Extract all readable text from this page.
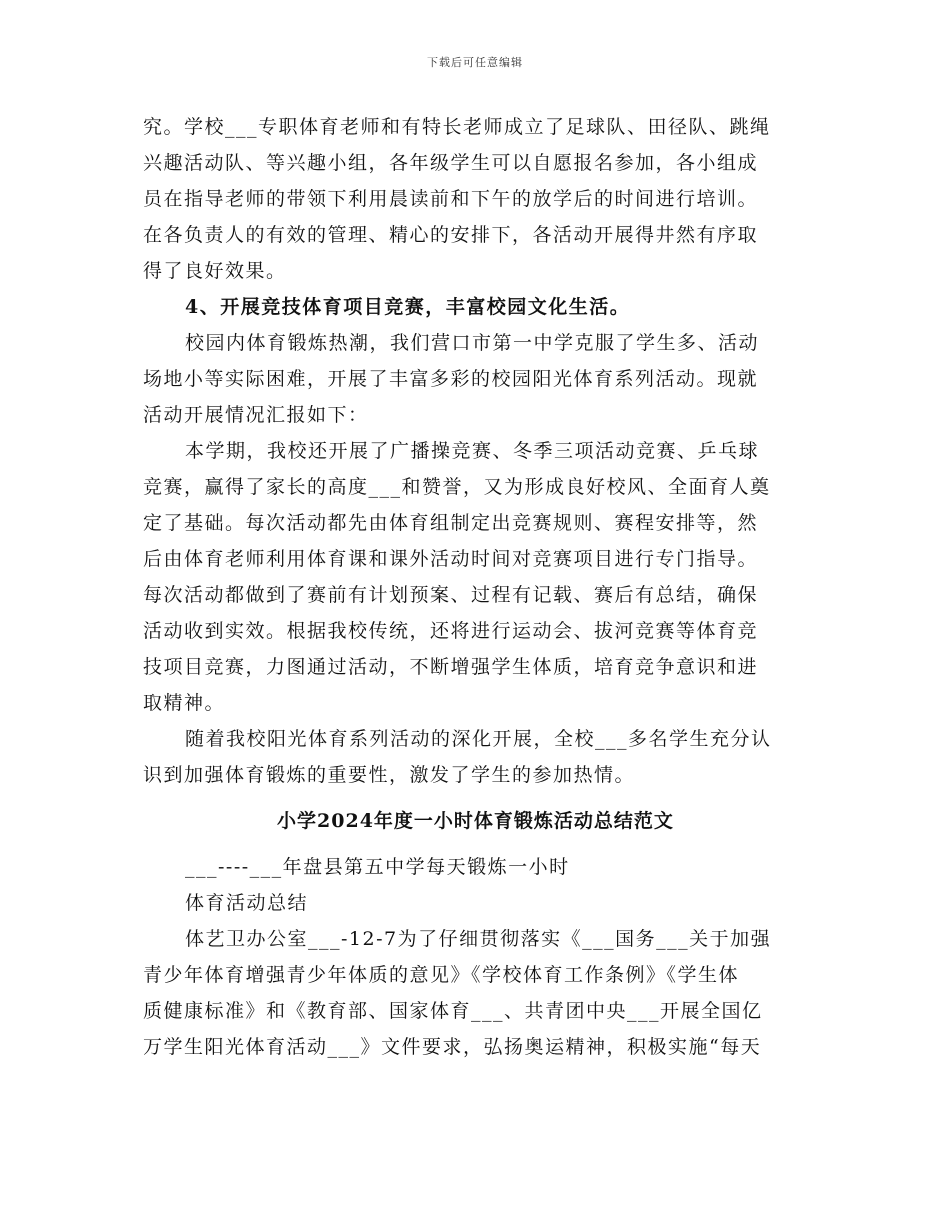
下载后可任意编辑
究。学校___专职体育老师和有特长老师成立了足球队、田径队、跳绳
兴趣活动队、等兴趣小组，各年级学生可以自愿报名参加，各小组成
员在指导老师的带领下利用晨读前和下午的放学后的时间进行培训。
在各负责人的有效的管理、精心的安排下，各活动开展得井然有序取
得了良好效果。
4、开展竞技体育项目竞赛，丰富校园文化生活。
校园内体育锻炼热潮，我们营口市第一中学克服了学生多、活动
场地小等实际困难，开展了丰富多彩的校园阳光体育系列活动。现就
活动开展情况汇报如下：
本学期，我校还开展了广播操竞赛、冬季三项活动竞赛、乒乓球
竞赛，赢得了家长的高度___和赞誉，又为形成良好校风、全面育人奠
定了基础。每次活动都先由体育组制定出竞赛规则、赛程安排等，然
后由体育老师利用体育课和课外活动时间对竞赛项目进行专门指导。
每次活动都做到了赛前有计划预案、过程有记载、赛后有总结，确保
活动收到实效。根据我校传统，还将进行运动会、拔河竞赛等体育竞
技项目竞赛，力图通过活动，不断增强学生体质，培育竞争意识和进
取精神。
随着我校阳光体育系列活动的深化开展，全校___多名学生充分认
识到加强体育锻炼的重要性，激发了学生的参加热情。
小学2024年度一小时体育锻炼活动总结范文
___----___年盘县第五中学每天锻炼一小时
体育活动总结
体艺卫办公室___-12-7为了仔细贯彻落实《___国务___关于加强
青少年体育增强青少年体质的意见》《学校体育工作条例》《学生体
质健康标准》和《教育部、国家体育___、共青团中央___开展全国亿
万学生阳光体育活动___》文件要求，弘扬奥运精神，积极实施“每天
